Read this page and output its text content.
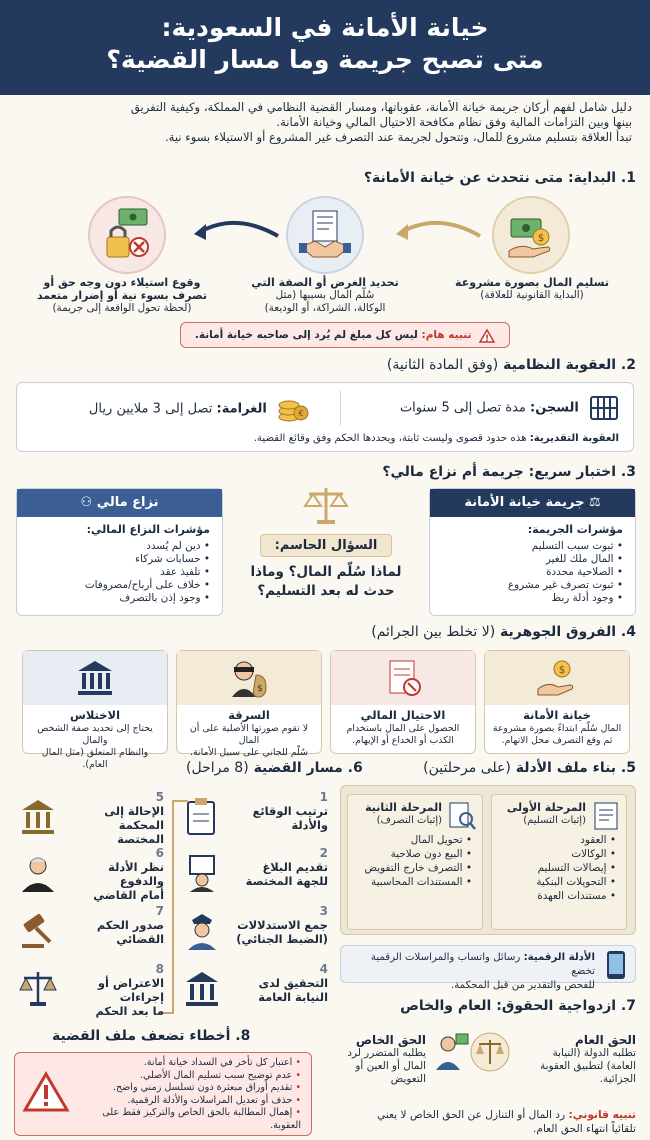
خيانة الأمانة في السعودية:
متى تصبح جريمة وما مسار القضية؟
دليل شامل لفهم أركان جريمة خيانة الأمانة، عقوباتها، ومسار القضية النظامي في المملكة، وكيفية التفريق
بينها وبين التزامات المالية وفق نظام مكافحة الاحتيال المالي وخيانة الأمانة.
تبدأ العلاقة بتسليم مشروع للمال، وتتحول لجريمة عند التصرف غير المشروع أو الاستيلاء بسوء نية.
1. البداية: متى نتحدث عن خيانة الأمانة؟
$
تسليم المال بصورة مشروعة
(البداية القانونية للعلاقة)
تحديد الغرض أو الصفة التي
سُلّم المال بسببها (مثل
الوكالة، الشراكة، أو الوديعة)
وقوع استيلاء دون وجه حق أو
تصرف بسوء نية أو إضرار متعمد
(لحظة تحول الواقعة إلى جريمة)
!
تنبيه هام: ليس كل مبلغ لم يُرد إلى صاحبه خيانة أمانة.
2. العقوبة النظامية (وفق المادة الثانية)
السجن: مدة تصل إلى 5 سنوات
€
الغرامة: تصل إلى 3 ملايين ريال
العقوبة التقديرية: هذه حدود قصوى وليست ثابتة، ويحددها الحكم وفق وقائع القضية.
3. اختبار سريع: جريمة أم نزاع مالي؟
⚖ جريمة خيانة الأمانة
مؤشرات الجريمة:
• ثبوت سبب التسليم
• المال ملك للغير
• الصلاحية محددة
• ثبوت تصرف غير مشروع
• وجود أدلة ربط
السؤال الحاسم:
لماذا سُلّم المال؟ وماذا
حدث له بعد التسليم؟
نزاع مالي ⚇
مؤشرات النزاع المالي:
• دين لم يُسدد
• حسابات شركاء
• تلفيذ عقد
• خلاف على أرباح/مصروفات
• وجود إذن بالتصرف
4. الفروق الجوهرية (لا تخلط بين الجرائم)
$
خيانة الأمانة
المال سُلّم ابتداءً بصورة مشروعة
ثم وقع التصرف محل الاتهام.
الاحتيال المالي
الحصول على المال باستخدام
الكذب أو الخداع أو الإيهام.
$
السرقة
لا تقوم صورتها الأصلية على أن المال
سُلّم للجاني على سبيل الأمانة.
الاختلاس
يحتاج إلى تحديد صفة الشخص والمال
والنظام المتعلق (مثل المال العام).	5. بناء ملف الأدلة (على مرحلتين)
المرحلة الأولى
(إثبات التسليم)
• العقود
• الوكالات
• إيصالات التسليم
• التحويلات البنكية
• مستندات العهدة
المرحلة الثانية
(إثبات التصرف)
• تحويل المال
• البيع دون صلاحية
• التصرف خارج التفويض
• المستندات المحاسبية
الأدلة الرقمية: رسائل واتساب والمراسلات الرقمية تخضع
للفحص والتقدير من قبل المحكمة.
6. مسار القضية (8 مراحل)
1
ترتيب الوقائع
والأدلة
2
تقديم البلاغ
للجهة المختصة
3
جمع الاستدلالات
(الضبط الجنائي)
4
التحقيق لدى
النيابة العامة
5
الإحالة إلى المحكمة
المختصة
6
نظر الأدلة والدفوع
أمام القاضي
7
صدور الحكم
القضائي
8
الاعتراض أو إجراءات
ما بعد الحكم	7. ازدواجية الحقوق: العام والخاص
الحق العام
تطلبه الدولة (النيابة
العامة) لتطبيق العقوبة
الجزائية.
الحق الخاص
يطلبه المتضرر لرد
المال أو العين أو
التعويض
تنبيه قانوني: رد المال أو التنازل عن الحق الخاص لا يعني
تلقائياً انتهاء الحق العام.
8. أخطاء تضعف ملف القضية
• اعتبار كل تأخر في السداد خيانة أمانة.
• عدم توضيح سبب تسليم المال الأصلي.
• تقديم أوراق مبعثرة دون تسلسل زمني واضح.
• حذف أو تعديل المراسلات والأدلة الرقمية.
• إهمال المطالبة بالحق الخاص والتركيز فقط على العقوبة.
